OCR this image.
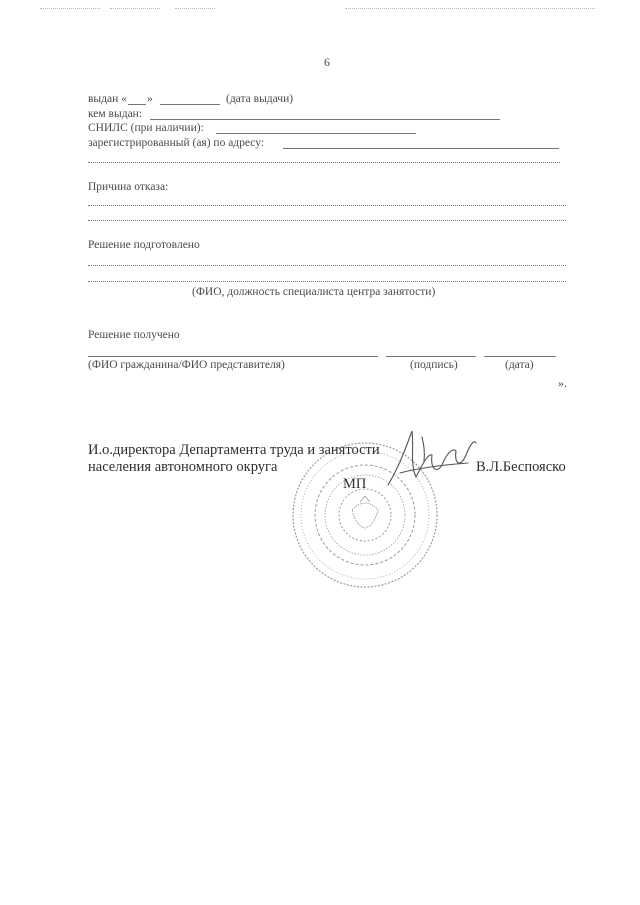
6
выдан « »	(дата выдачи)
кем выдан:
СНИЛС (при наличии):
зарегистрированный (ая) по адресу:
Причина отказа:
Решение подготовлено
(ФИО, должность специалиста центра занятости)
Решение получено
(ФИО гражданина/ФИО представителя)	(подпись)	(дата)
».
И.о.директора Департамента труда и занятости
населения автономного округа
МП
В.Л.Беспояско
